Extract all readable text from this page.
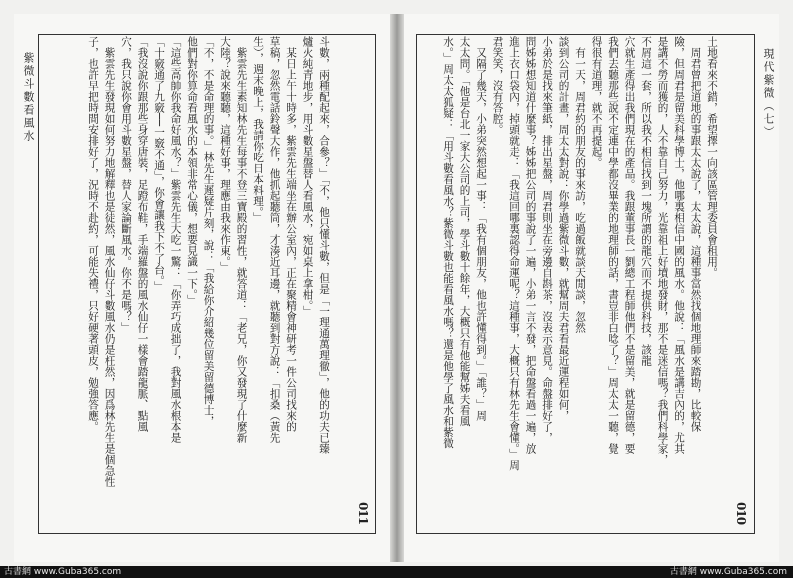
紫微斗數看風水	斗數，兩種配起來，合參？」「不，他只懂斗數，但是「一理通萬理徹」，他的功夫已臻
爐火純青地步，用斗數星盤替人看風水，宛如桌上拿柑。」
　某日上午十時多，紫雲先生端坐在辦公室內，正在聚精會神研考一件公司找來的
草稿，忽然電話鈴聲大作，他抓起聽筒，才湊近耳邊，就聽到對方說：「扣桑（黃先
生），週末晚上，我請你吃日本料理。」
　紫雲先生素知林先生每事不登三寶殿的習性，就答道：「老兄，你又發現了什麼新
大陸？說來聽聽，這種好事，理應由我來作東。」
「不，不是命理的事。」林先生遲疑片刻，說：「我給你介紹幾位留美留德博士，
他們對你算命看風水的本領非常心儀，想要見識一下。」
「這些高帥你我命好風水？」紫雲先生大吃一驚：「你弄巧成拙了，我對風水根本是
「十竅通了九竅──一竅不通」，你會讓我下不了台。」
「我沒說你跟那些身穿唐裝，足蹬布鞋，手端羅盤的風水仙仔一樣會踏龍脈、點風
穴，我只說你會用斗數星盤，替人家論斷風水。你不是嗎？」
　紫雲先生發現如何努力地解釋也是徒然，風水仙仔斗數風水仍是枉然，因爲林先生是個急性
子，也許早把時間安排好了，況時不赴約，可能失禮，只好硬著頭皮，勉強答應。
011
現代紫微（七）
土地看來不錯，希望擇一向該區管理委員會租用。
　周君曾把道地的事跟太太說了，太太說，這種事當然找個地理師來踏勘，比較保
險，但周君是留美科學博士，他哪裏相信中國的風水。他說：「風水是講吉內的，尤其
是講不勞而獲的，人不靠自己努力，光靠祖上好墳地發財，那不是迷信嗎？我們科學家，
不屑這一套，所以我不相信找到一塊所謂的龍穴而不提供科技，該龍
穴就生產得出我們現在的產品。我跟董事長一劉總工程師他們不是留美，就是留德，要
我們去聽那些說不定連中學都沒畢業的地理師的話，書豈非白唸了？」周太太一聽，覺
得很有道理，就不再提起。
　有一天，周君約的朋友的事來訪，吃過飯就談天閒談，忽然
談到公司的計畫，周太太對說：你學過紫微斗數，就幫周夫君看最近運程如何，
小弟於是找來筆紙，排出星盤，周君則坐在旁邊自斟茶，沒表示意見。命盤排好了，
問姊姊想知道什麼事？姊姊把公司的事說了一遍，小弟一言不發，把命盤看過一遍，放
進上衣口袋內，掉頭就走：「我這回哪裏認得命運呢？這種事，大概只有林先生會懂。」周
君笑笑，沒有答腔。
　又隔了幾天，小弟突然想起一事：「我有個朋友，他也許懂得到。」「誰？」周
太太問。「他是台北一家大公司的上司，學斗數十餘年，大概只有他能幫姊夫看風
水。」周太太狐疑：「用斗數看風水？紫微斗數也能看風水嗎？還是他學了風水和紫微
010
古書網 www.Guba365.com	古書網 www.Guba365.com
